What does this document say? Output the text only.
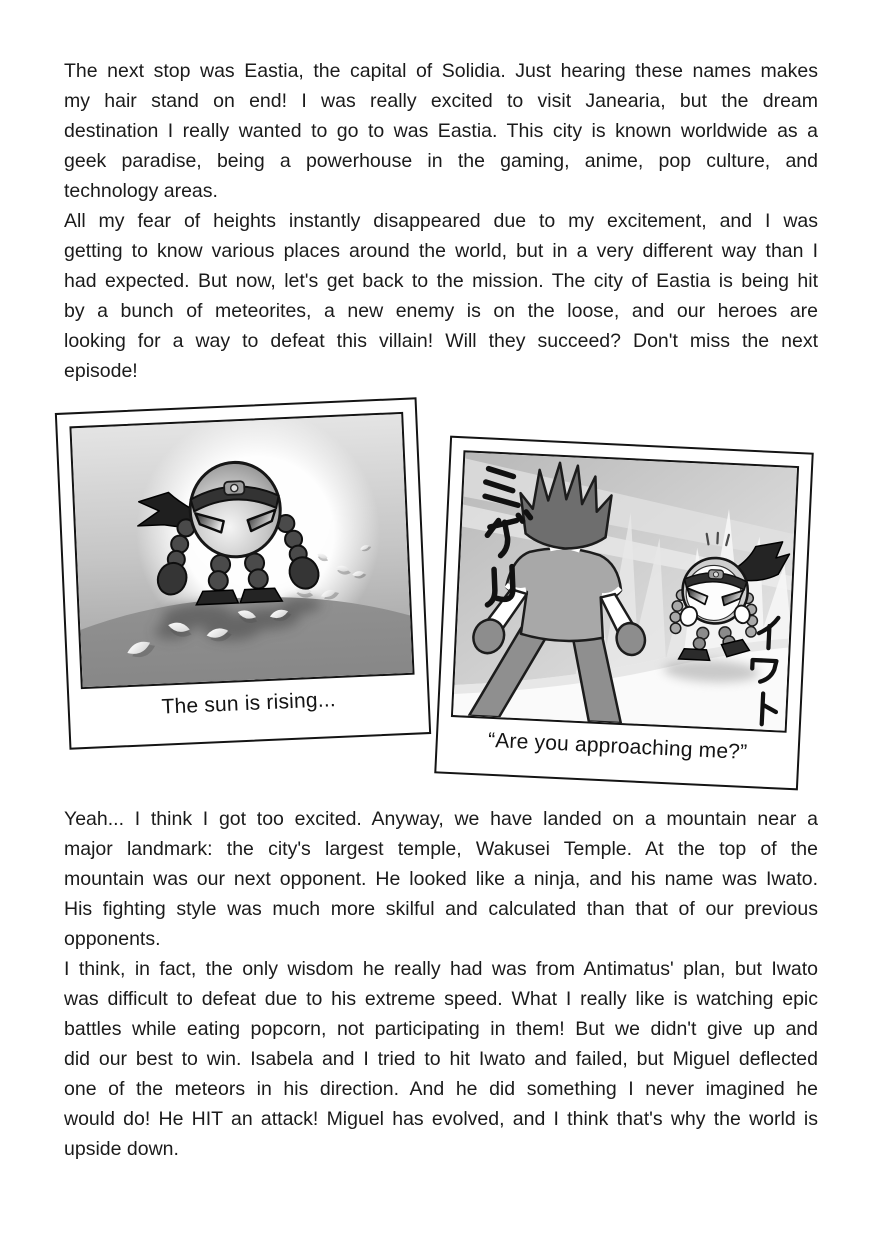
The next stop was Eastia, the capital of Solidia. Just hearing these names makes
my hair stand on end! I was really excited to visit Janearia, but the dream
destination I really wanted to go to was Eastia. This city is known worldwide as a
geek paradise, being a powerhouse in the gaming, anime, pop culture, and
technology areas.
All my fear of heights instantly disappeared due to my excitement, and I was
getting to know various places around the world, but in a very different way than I
had expected. But now, let's get back to the mission. The city of Eastia is being hit
by a bunch of meteorites, a new enemy is on the loose, and our heroes are
looking for a way to defeat this villain! Will they succeed? Don't miss the next
episode!
The sun is rising...
“Are you approaching me?”
Yeah... I think I got too excited. Anyway, we have landed on a mountain near a
major landmark: the city's largest temple, Wakusei Temple. At the top of the
mountain was our next opponent. He looked like a ninja, and his name was Iwato.
His fighting style was much more skilful and calculated than that of our previous
opponents.
I think, in fact, the only wisdom he really had was from Antimatus' plan, but Iwato
was difficult to defeat due to his extreme speed. What I really like is watching epic
battles while eating popcorn, not participating in them! But we didn't give up and
did our best to win. Isabela and I tried to hit Iwato and failed, but Miguel deflected
one of the meteors in his direction. And he did something I never imagined he
would do! He HIT an attack! Miguel has evolved, and I think that's why the world is
upside down.
